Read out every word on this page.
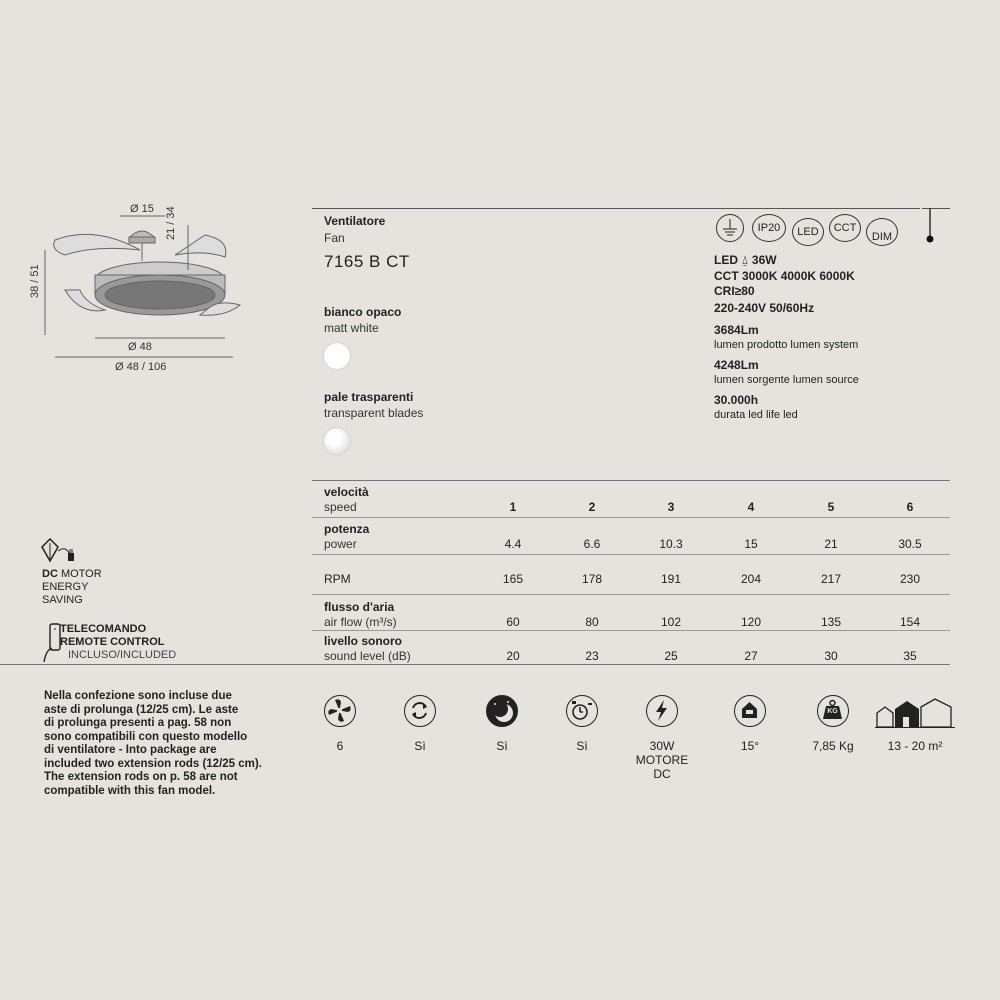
Ø 15 21 / 34
38 / 51
Ø 48
Ø 48 / 106
Ventilatore
Fan
7165 B CT
bianco opaco
matt white
pale trasparenti
transparent blades
IP20	LED	CCT
DIM
LED ⍙ 36W
CCT 3000K 4000K 6000K
CRI≥80
220-240V 50/60Hz
3684Lm
lumen prodotto lumen system
4248Lm
lumen sorgente lumen source
30.000h
durata led life led
velocità
speed	1	2	3	4	5	6
potenza
power	4.4	6.6	10.3	15	21	30.5
RPM	165	178	191	204	217	230
flusso d'aria
air flow (m³/s)	60	80	102	120	135	154
livello sonoro
sound level (dB)	20	23	25	27	30	35
DC MOTOR
ENERGY
SAVING
TELECOMANDO
REMOTE CONTROL
INCLUSO/INCLUDED
Nella confezione sono incluse due
aste di prolunga (12/25 cm). Le aste
di prolunga presenti a pag. 58 non
sono compatibili con questo modello
di ventilatore - Into package are
included two extension rods (12/25 cm).
The extension rods on p. 58 are not
compatible with this fan model.
KG
6	Sì	Sì	Sì	30W
MOTORE
DC
15°	7,85 Kg	13 - 20 m²
